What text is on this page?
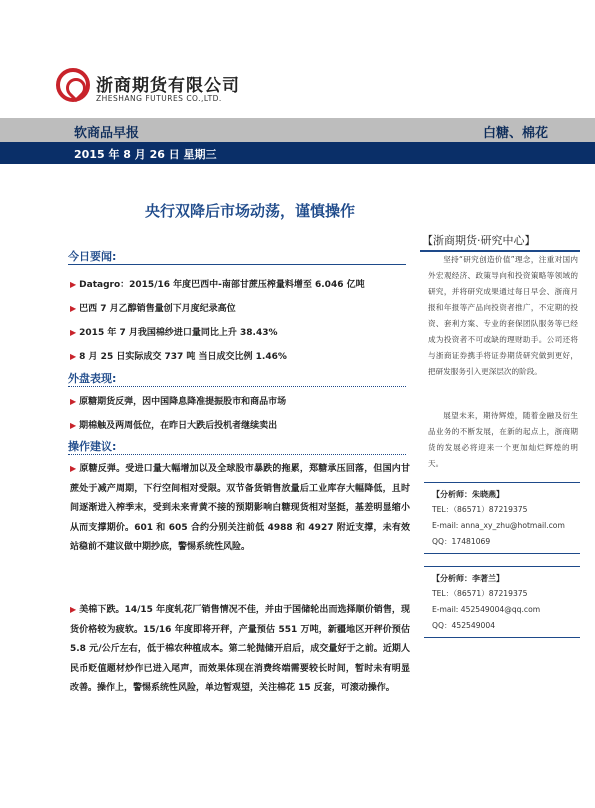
浙商期货有限公司
ZHESHANG FUTURES CO.,LTD.
软商品早报	白糖、棉花
2015 年 8 月 26 日 星期三
央行双降后市场动荡，谨慎操作
今日要闻:
▶ Datagro：2015/16 年度巴西中-南部甘蔗压榨量料增至 6.046 亿吨
▶ 巴西 7 月乙醇销售量创下月度纪录高位
▶ 2015 年 7 月我国棉纱进口量同比上升 38.43%
▶ 8 月 25 日实际成交 737 吨 当日成交比例 1.46%
外盘表现:
▶ 原糖期货反弹，因中国降息降准提振股市和商品市场
▶ 期棉触及两周低位，在昨日大跌后投机者继续卖出
操作建议:
▶ 原糖反弹。受进口量大幅增加以及全球股市暴跌的拖累，郑糖承压回落，但国内甘蔗处于减产周期，下行空间相对受限。双节备货销售放量后工业库存大幅降低，且时间逐渐进入榨季末，受到未来青黄不接的预期影响白糖现货相对坚挺，基差明显缩小从而支撑期价。601 和 605 合约分别关注前低 4988 和 4927 附近支撑，未有效站稳前不建议做中期抄底，警惕系统性风险。
▶ 美棉下跌。14/15 年度轧花厂销售情况不佳，并由于国储轮出而选择顺价销售，现货价格较为疲软。15/16 年度即将开秤，产量预估 551 万吨，新疆地区开秤价预估 5.8 元/公斤左右，低于棉农种植成本。第二轮抛储开启后，成交量好于之前。近期人民币贬值题材炒作已进入尾声，而效果体现在消费终端需要较长时间，暂时未有明显改善。操作上，警惕系统性风险，单边暂观望，关注棉花 15 反套，可滚动操作。
【浙商期货·研究中心】
坚持“研究创造价值”理念，注重对国内外宏观经济、政策导向和投资策略等领域的研究，并将研究成果通过每日早会、浙商月报和年报等产品向投资者推广，不定期的投资、套利方案、专业的套保团队服务等已经成为投资者不可或缺的理财助手。公司还将与浙商证券携手将证券期货研究做到更好，把研发服务引入更深层次的阶段。
展望未来，期待辉煌，随着金融及衍生品业务的不断发展，在新的起点上，浙商期货的发展必将迎来一个更加灿烂辉煌的明天。
【分析师：朱晓燕】
TEL：（86571）87219375
E-mail: anna_xy_zhu@hotmail.com
QQ：17481069
【分析师：李著兰】
TEL：（86571）87219375
E-mail: 452549004@qq.com
QQ：452549004
